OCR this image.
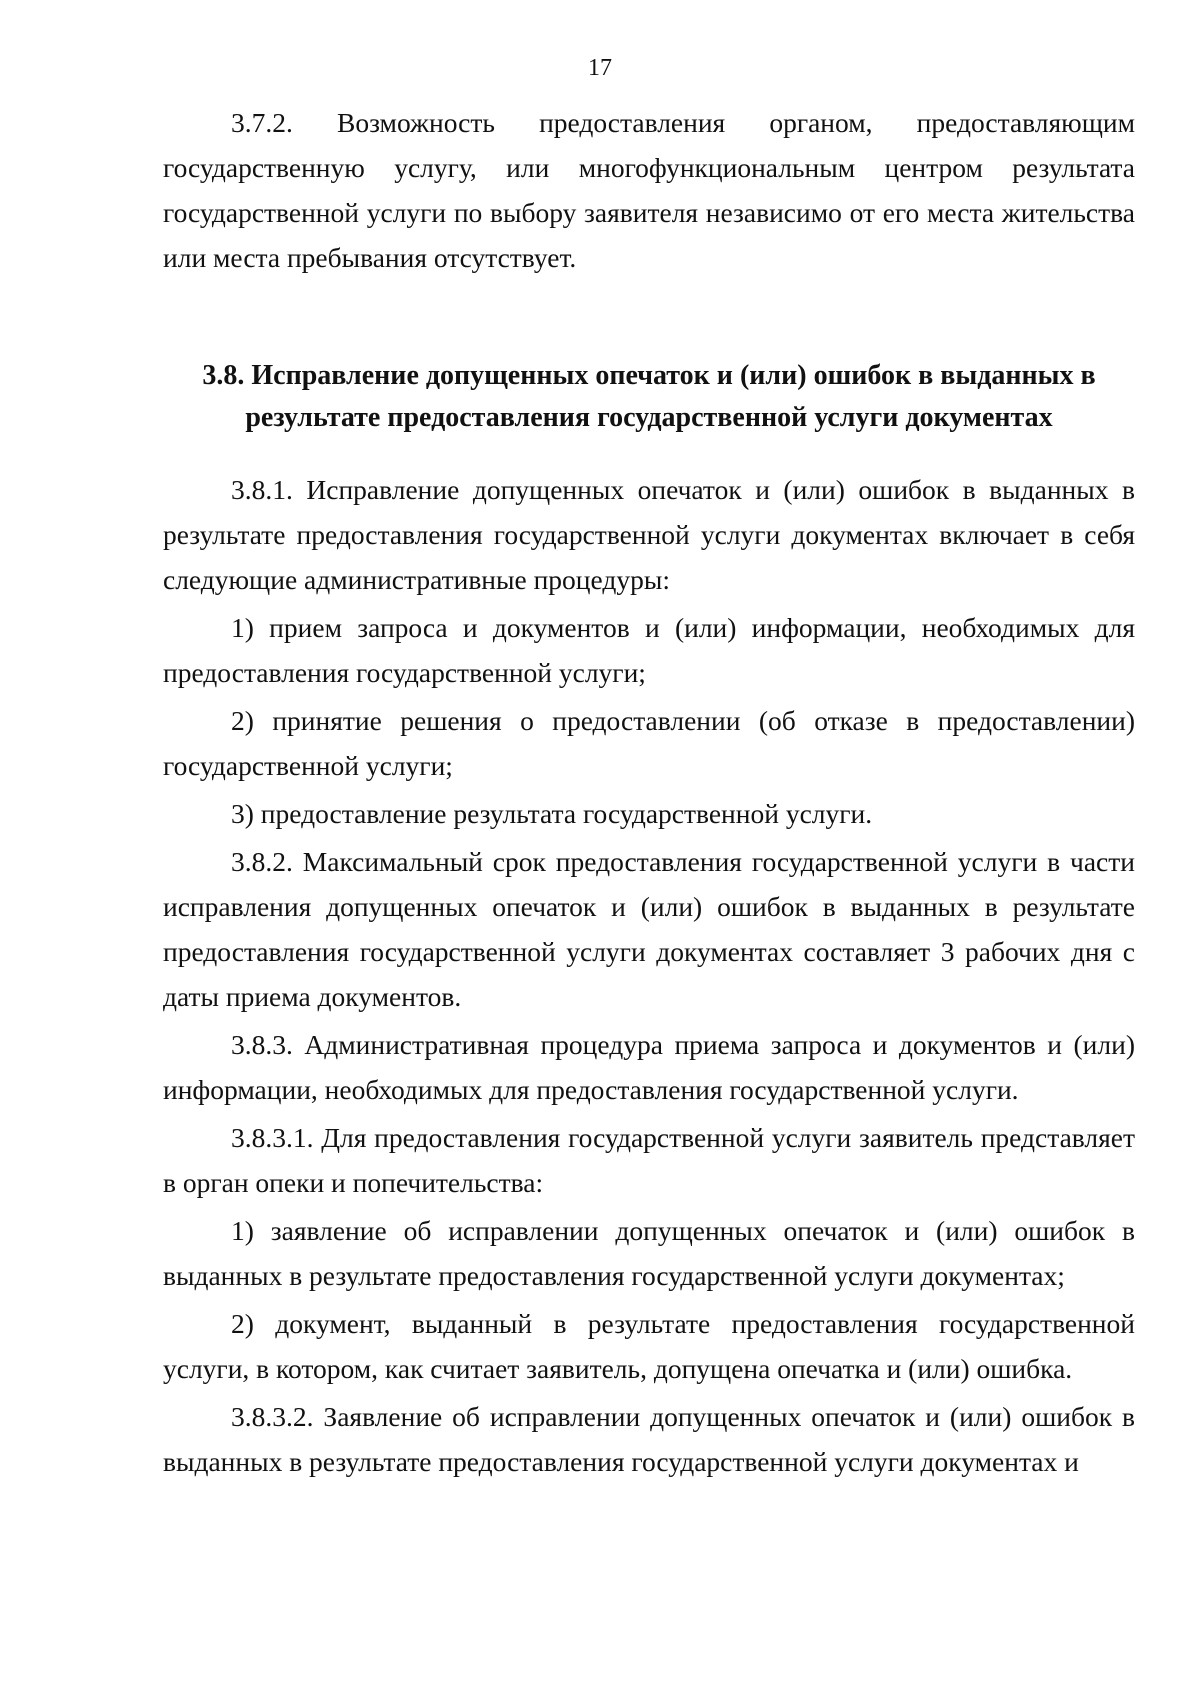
17

3.7.2. Возможность предоставления органом, предоставляющим государственную услугу, или многофункциональным центром результата государственной услуги по выбору заявителя независимо от его места жительства или места пребывания отсутствует.

3.8. Исправление допущенных опечаток и (или) ошибок в выданных в
результате предоставления государственной услуги документах

3.8.1. Исправление допущенных опечаток и (или) ошибок в выданных в результате предоставления государственной услуги документах включает в себя следующие административные процедуры:

1) прием запроса и документов и (или) информации, необходимых для предоставления государственной услуги;

2) принятие решения о предоставлении (об отказе в предоставлении) государственной услуги;

3) предоставление результата государственной услуги.

3.8.2. Максимальный срок предоставления государственной услуги в части исправления допущенных опечаток и (или) ошибок в выданных в результате предоставления государственной услуги документах составляет 3 рабочих дня с даты приема документов.

3.8.3. Административная процедура приема запроса и документов и (или) информации, необходимых для предоставления государственной услуги.

3.8.3.1. Для предоставления государственной услуги заявитель представляет в орган опеки и попечительства:

1) заявление об исправлении допущенных опечаток и (или) ошибок в выданных в результате предоставления государственной услуги документах;

2) документ, выданный в результате предоставления государственной услуги, в котором, как считает заявитель, допущена опечатка и (или) ошибка.

3.8.3.2. Заявление об исправлении допущенных опечаток и (или) ошибок в выданных в результате предоставления государственной услуги документах и
